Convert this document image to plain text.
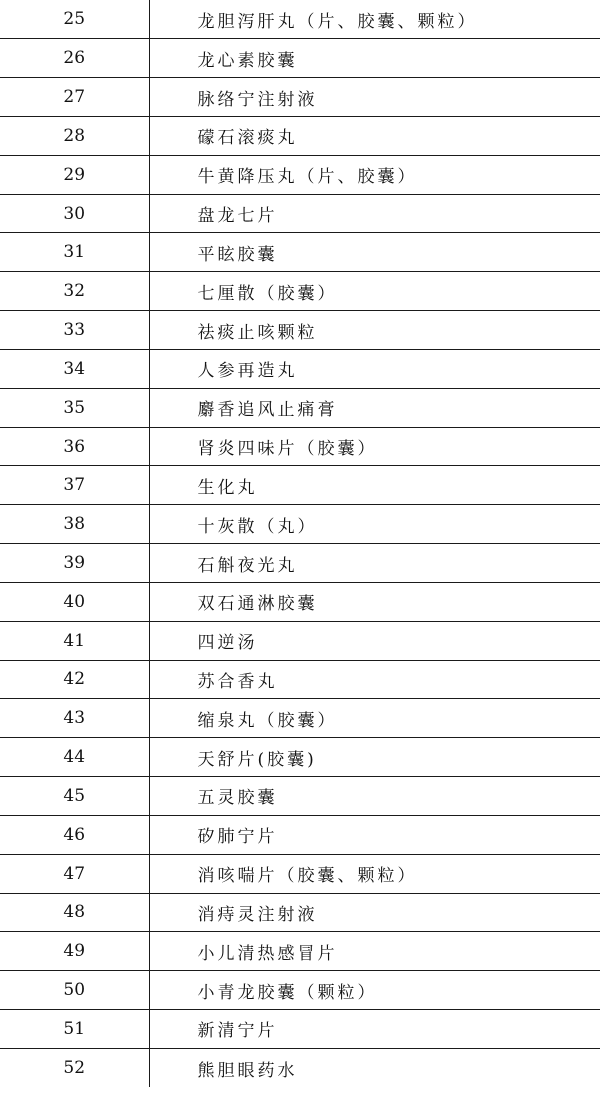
25	龙胆泻肝丸（片、胶囊、颗粒）
26	龙心素胶囊
27	脉络宁注射液
28	礞石滚痰丸
29	牛黄降压丸（片、胶囊）
30	盘龙七片
31	平眩胶囊
32	七厘散（胶囊）
33	祛痰止咳颗粒
34	人参再造丸
35	麝香追风止痛膏
36	肾炎四味片（胶囊）
37	生化丸
38	十灰散（丸）
39	石斛夜光丸
40	双石通淋胶囊
41	四逆汤
42	苏合香丸
43	缩泉丸（胶囊）
44	天舒片(胶囊)
45	五灵胶囊
46	矽肺宁片
47	消咳喘片（胶囊、颗粒）
48	消痔灵注射液
49	小儿清热感冒片
50	小青龙胶囊（颗粒）
51	新清宁片
52	熊胆眼药水
